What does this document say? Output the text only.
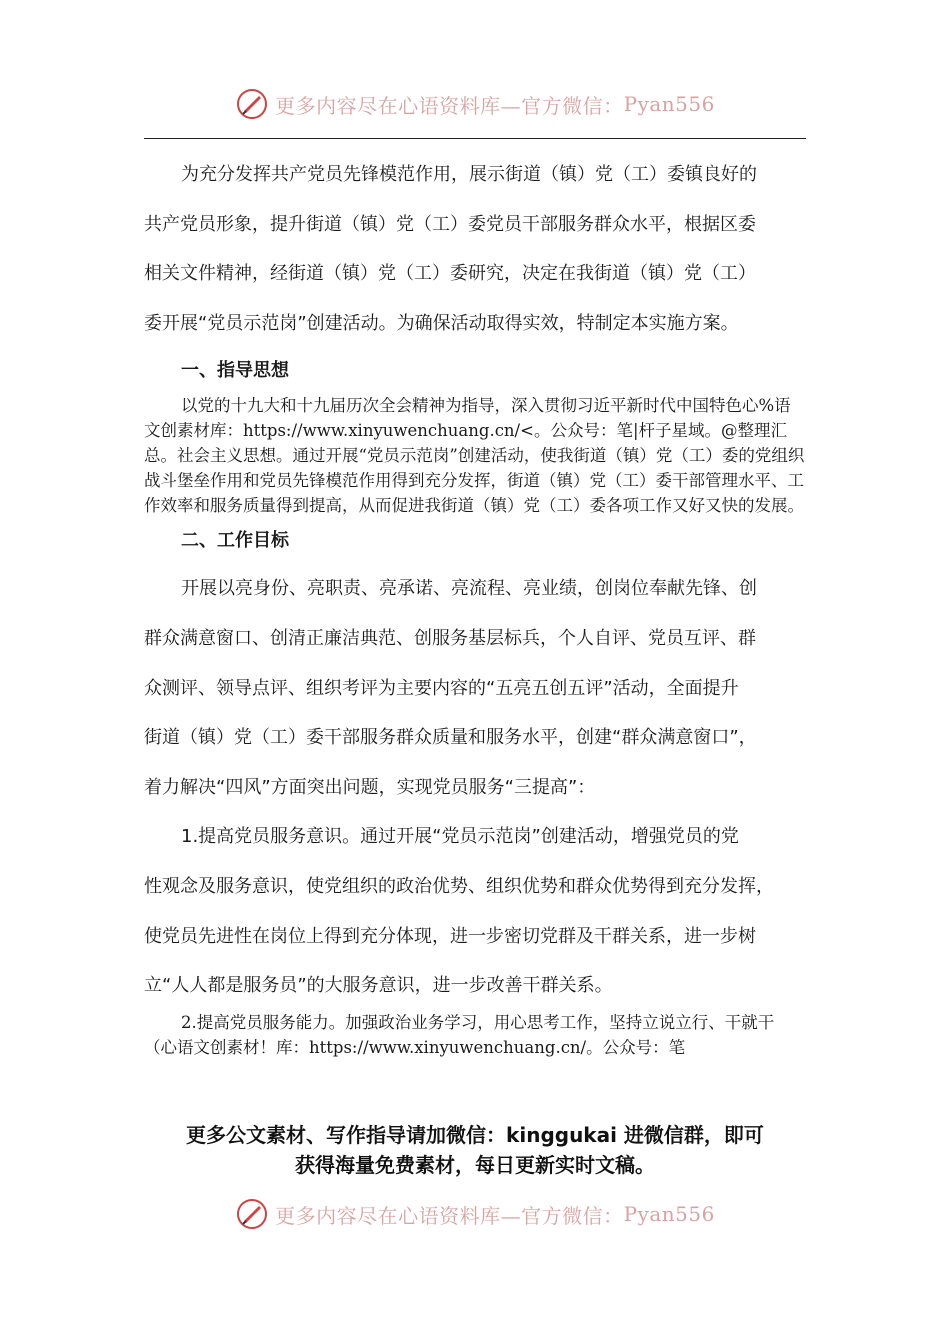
更多内容尽在心语资料库—官方微信： Pyan556

为充分发挥共产党员先锋模范作用，展示街道（镇）党（工）委镇良好的

共产党员形象，提升街道（镇）党（工）委党员干部服务群众水平，根据区委

相关文件精神，经街道（镇）党（工）委研究，决定在我街道（镇）党（工）

委开展“党员示范岗”创建活动。为确保活动取得实效，特制定本实施方案。

一、指导思想

以党的十九大和十九届历次全会精神为指导，深入贯彻习近平新时代中国特色心%语文创素材库：https://www.xinyuwenchuang.cn/<。公众号：笔|杆子星域。@整理汇总。社会主义思想。通过开展“党员示范岗”创建活动，使我街道（镇）党（工）委的党组织战斗堡垒作用和党员先锋模范作用得到充分发挥，街道（镇）党（工）委干部管理水平、工作效率和服务质量得到提高，从而促进我街道（镇）党（工）委各项工作又好又快的发展。

二、工作目标

开展以亮身份、亮职责、亮承诺、亮流程、亮业绩，创岗位奉献先锋、创

群众满意窗口、创清正廉洁典范、创服务基层标兵，个人自评、党员互评、群

众测评、领导点评、组织考评为主要内容的“五亮五创五评”活动，全面提升

街道（镇）党（工）委干部服务群众质量和服务水平，创建“群众满意窗口”，

着力解决“四风”方面突出问题，实现党员服务“三提高”：

1.提高党员服务意识。通过开展“党员示范岗”创建活动，增强党员的党

性观念及服务意识，使党组织的政治优势、组织优势和群众优势得到充分发挥，

使党员先进性在岗位上得到充分体现，进一步密切党群及干群关系，进一步树

立“人人都是服务员”的大服务意识，进一步改善干群关系。

2.提高党员服务能力。加强政治业务学习，用心思考工作，坚持立说立行、干就干（心语文创素材！库：https://www.xinyuwenchuang.cn/。公众号：笔

更多公文素材、写作指导请加微信：kinggukai 进微信群，即可
获得海量免费素材，每日更新实时文稿。
更多内容尽在心语资料库—官方微信： Pyan556
